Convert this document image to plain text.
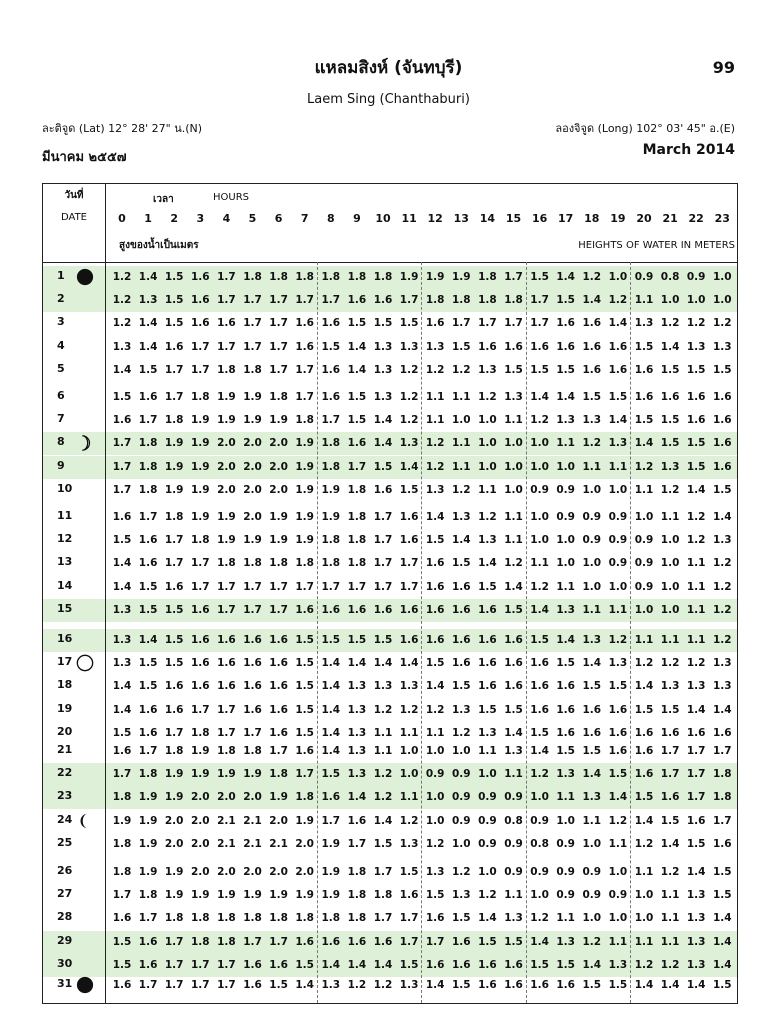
99
แหลมสิงห์ (จันทบุรี)
Laem Sing (Chanthaburi)
ละติจูด (Lat) 12° 28' 27" น.(N)	ลองจิจูด (Long) 102° 03' 45" อ.(E)
มีนาคม ๒๕๕๗	March 2014
วันที่
DATE
เวลา	HOURS
สูงของน้ำเป็นเมตร	HEIGHTS OF WATER IN METERS
0	1	2	3	4	5	6	7	8	9	10 11 12 13 14 15 16 17 18 19 20 21 22 23
1	1.2 1.4 1.5 1.6 1.7 1.8 1.8 1.8 1.8 1.8 1.8 1.9 1.9 1.9 1.8 1.7 1.5 1.4 1.2 1.0 0.9 0.8 0.9 1.0
2	1.2 1.3 1.5 1.6 1.7 1.7 1.7 1.7 1.7 1.6 1.6 1.7 1.8 1.8 1.8 1.8 1.7 1.5 1.4 1.2 1.1 1.0 1.0 1.0
3	1.2 1.4 1.5 1.6 1.6 1.7 1.7 1.6 1.6 1.5 1.5 1.5 1.6 1.7 1.7 1.7 1.7 1.6 1.6 1.4 1.3 1.2 1.2 1.2
4	1.3 1.4 1.6 1.7 1.7 1.7 1.7 1.6 1.5 1.4 1.3 1.3 1.3 1.5 1.6 1.6 1.6 1.6 1.6 1.6 1.5 1.4 1.3 1.3
5	1.4 1.5 1.7 1.7 1.8 1.8 1.7 1.7 1.6 1.4 1.3 1.2 1.2 1.2 1.3 1.5 1.5 1.5 1.6 1.6 1.6 1.5 1.5 1.5
6	1.5 1.6 1.7 1.8 1.9 1.9 1.8 1.7 1.6 1.5 1.3 1.2 1.1 1.1 1.2 1.3 1.4 1.4 1.5 1.5 1.6 1.6 1.6 1.6
7	1.6 1.7 1.8 1.9 1.9 1.9 1.9 1.8 1.7 1.5 1.4 1.2 1.1 1.0 1.0 1.1 1.2 1.3 1.3 1.4 1.5 1.5 1.6 1.6
8	1.7 1.8 1.9 1.9 2.0 2.0 2.0 1.9 1.8 1.6 1.4 1.3 1.2 1.1 1.0 1.0 1.0 1.1 1.2 1.3 1.4 1.5 1.5 1.6
9	1.7 1.8 1.9 1.9 2.0 2.0 2.0 1.9 1.8 1.7 1.5 1.4 1.2 1.1 1.0 1.0 1.0 1.0 1.1 1.1 1.2 1.3 1.5 1.6
10	1.7 1.8 1.9 1.9 2.0 2.0 2.0 1.9 1.9 1.8 1.6 1.5 1.3 1.2 1.1 1.0 0.9 0.9 1.0 1.0 1.1 1.2 1.4 1.5
11	1.6 1.7 1.8 1.9 1.9 2.0 1.9 1.9 1.9 1.8 1.7 1.6 1.4 1.3 1.2 1.1 1.0 0.9 0.9 0.9 1.0 1.1 1.2 1.4
12	1.5 1.6 1.7 1.8 1.9 1.9 1.9 1.9 1.8 1.8 1.7 1.6 1.5 1.4 1.3 1.1 1.0 1.0 0.9 0.9 0.9 1.0 1.2 1.3
13	1.4 1.6 1.7 1.7 1.8 1.8 1.8 1.8 1.8 1.8 1.7 1.7 1.6 1.5 1.4 1.2 1.1 1.0 1.0 0.9 0.9 1.0 1.1 1.2
14	1.4 1.5 1.6 1.7 1.7 1.7 1.7 1.7 1.7 1.7 1.7 1.7 1.6 1.6 1.5 1.4 1.2 1.1 1.0 1.0 0.9 1.0 1.1 1.2
15	1.3 1.5 1.5 1.6 1.7 1.7 1.7 1.6 1.6 1.6 1.6 1.6 1.6 1.6 1.6 1.5 1.4 1.3 1.1 1.1 1.0 1.0 1.1 1.2
16	1.3 1.4 1.5 1.6 1.6 1.6 1.6 1.5 1.5 1.5 1.5 1.6 1.6 1.6 1.6 1.6 1.5 1.4 1.3 1.2 1.1 1.1 1.1 1.2
17	1.3 1.5 1.5 1.6 1.6 1.6 1.6 1.5 1.4 1.4 1.4 1.4 1.5 1.6 1.6 1.6 1.6 1.5 1.4 1.3 1.2 1.2 1.2 1.3
18	1.4 1.5 1.6 1.6 1.6 1.6 1.6 1.5 1.4 1.3 1.3 1.3 1.4 1.5 1.6 1.6 1.6 1.6 1.5 1.5 1.4 1.3 1.3 1.3
19	1.4 1.6 1.6 1.7 1.7 1.6 1.6 1.5 1.4 1.3 1.2 1.2 1.2 1.3 1.5 1.5 1.6 1.6 1.6 1.6 1.5 1.5 1.4 1.4
20	1.5 1.6 1.7 1.8 1.7 1.7 1.6 1.5 1.4 1.3 1.1 1.1 1.1 1.2 1.3 1.4 1.5 1.6 1.6 1.6 1.6 1.6 1.6 1.6
21	1.6 1.7 1.8 1.9 1.8 1.8 1.7 1.6 1.4 1.3 1.1 1.0 1.0 1.0 1.1 1.3 1.4 1.5 1.5 1.6 1.6 1.7 1.7 1.7
22	1.7 1.8 1.9 1.9 1.9 1.9 1.8 1.7 1.5 1.3 1.2 1.0 0.9 0.9 1.0 1.1 1.2 1.3 1.4 1.5 1.6 1.7 1.7 1.8
23	1.8 1.9 1.9 2.0 2.0 2.0 1.9 1.8 1.6 1.4 1.2 1.1 1.0 0.9 0.9 0.9 1.0 1.1 1.3 1.4 1.5 1.6 1.7 1.8
24	1.9 1.9 2.0 2.0 2.1 2.1 2.0 1.9 1.7 1.6 1.4 1.2 1.0 0.9 0.9 0.8 0.9 1.0 1.1 1.2 1.4 1.5 1.6 1.7
25	1.8 1.9 2.0 2.0 2.1 2.1 2.1 2.0 1.9 1.7 1.5 1.3 1.2 1.0 0.9 0.9 0.8 0.9 1.0 1.1 1.2 1.4 1.5 1.6
26	1.8 1.9 1.9 2.0 2.0 2.0 2.0 2.0 1.9 1.8 1.7 1.5 1.3 1.2 1.0 0.9 0.9 0.9 0.9 1.0 1.1 1.2 1.4 1.5
27	1.7 1.8 1.9 1.9 1.9 1.9 1.9 1.9 1.9 1.8 1.8 1.6 1.5 1.3 1.2 1.1 1.0 0.9 0.9 0.9 1.0 1.1 1.3 1.5
28	1.6 1.7 1.8 1.8 1.8 1.8 1.8 1.8 1.8 1.8 1.7 1.7 1.6 1.5 1.4 1.3 1.2 1.1 1.0 1.0 1.0 1.1 1.3 1.4
29	1.5 1.6 1.7 1.8 1.8 1.7 1.7 1.6 1.6 1.6 1.6 1.7 1.7 1.6 1.5 1.5 1.4 1.3 1.2 1.1 1.1 1.1 1.3 1.4
30	1.5 1.6 1.7 1.7 1.7 1.6 1.6 1.5 1.4 1.4 1.4 1.5 1.6 1.6 1.6 1.6 1.5 1.5 1.4 1.3 1.2 1.2 1.3 1.4
31	1.6 1.7 1.7 1.7 1.7 1.6 1.5 1.4 1.3 1.2 1.2 1.3 1.4 1.5 1.6 1.6 1.6 1.6 1.5 1.5 1.4 1.4 1.4 1.5
